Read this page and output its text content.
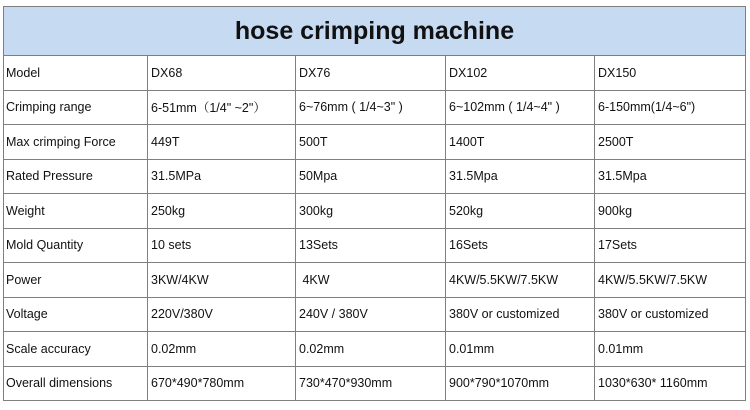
hose crimping machine				
Model	DX68	DX76	DX102	DX150
Crimping range	6-51mm（1/4" ~2"）	6~76mm ( 1/4~3" )	6~102mm ( 1/4~4" )	6-150mm(1/4~6")
Max crimping Force	449T	500T	1400T	2500T
Rated Pressure	31.5MPa	50Mpa	31.5Mpa	31.5Mpa
Weight	250kg	300kg	520kg	900kg
Mold Quantity	10 sets	13Sets	16Sets	17Sets
Power	3KW/4KW	4KW	4KW/5.5KW/7.5KW	4KW/5.5KW/7.5KW
Voltage	220V/380V	240V / 380V	380V or customized	380V or customized
Scale accuracy	0.02mm	0.02mm	0.01mm	0.01mm
Overall dimensions	670*490*780mm	730*470*930mm	900*790*1070mm	1030*630* 1160mm
